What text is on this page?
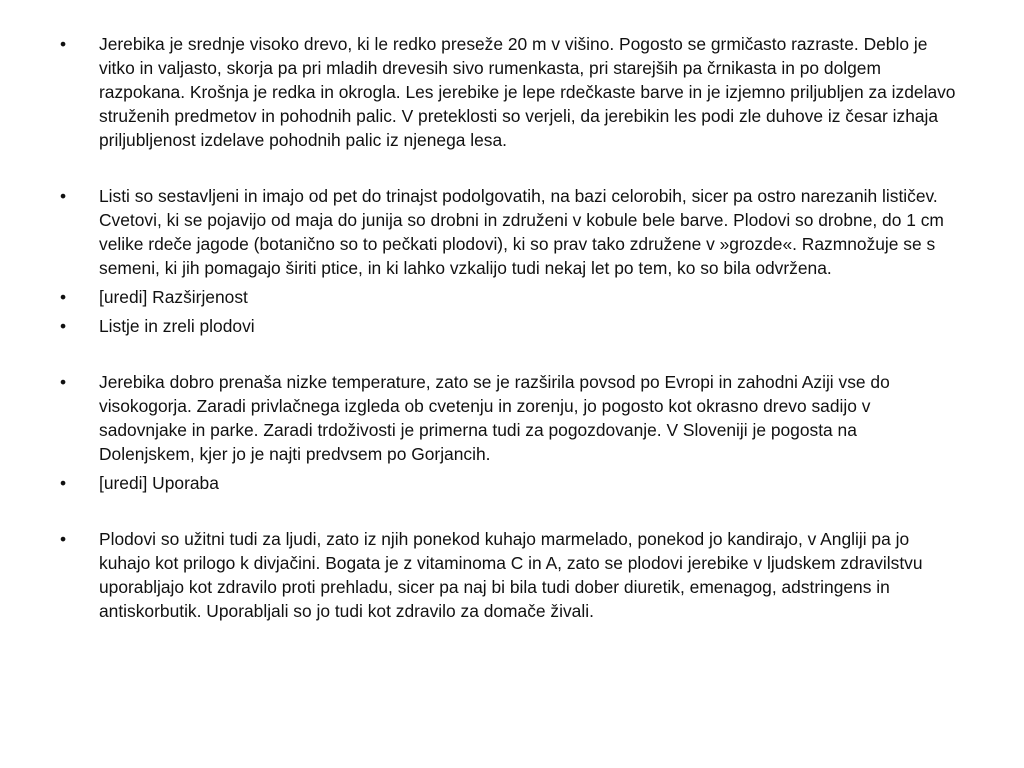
•	Jerebika je srednje visoko drevo, ki le redko preseže 20 m v višino. Pogosto se grmičasto razraste. Deblo je vitko in valjasto, skorja pa pri mladih drevesih sivo rumenkasta, pri starejših pa črnikasta in po dolgem razpokana. Krošnja je redka in okrogla. Les jerebike je lepe rdečkaste barve in je izjemno priljubljen za izdelavo struženih predmetov in pohodnih palic. V preteklosti so verjeli, da jerebikin les podi zle duhove iz česar izhaja priljubljenost izdelave pohodnih palic iz njenega lesa.
•	Listi so sestavljeni in imajo od pet do trinajst podolgovatih, na bazi celorobih, sicer pa ostro narezanih lističev. Cvetovi, ki se pojavijo od maja do junija so drobni in združeni v kobule bele barve. Plodovi so drobne, do 1 cm velike rdeče jagode (botanično so to pečkati plodovi), ki so prav tako združene v »grozde«. Razmnožuje se s semeni, ki jih pomagajo širiti ptice, in ki lahko vzkalijo tudi nekaj let po tem, ko so bila odvržena.
•	[uredi] Razširjenost
•	Listje in zreli plodovi
•	Jerebika dobro prenaša nizke temperature, zato se je razširila povsod po Evropi in zahodni Aziji vse do visokogorja. Zaradi privlačnega izgleda ob cvetenju in zorenju, jo pogosto kot okrasno drevo sadijo v sadovnjake in parke. Zaradi trdoživosti je primerna tudi za pogozdovanje. V Sloveniji je pogosta na Dolenjskem, kjer jo je najti predvsem po Gorjancih.
•	[uredi] Uporaba
•	Plodovi so užitni tudi za ljudi, zato iz njih ponekod kuhajo marmelado, ponekod jo kandirajo, v Angliji pa jo kuhajo kot prilogo k divjačini. Bogata je z vitaminoma C in A, zato se plodovi jerebike v ljudskem zdravilstvu uporabljajo kot zdravilo proti prehladu, sicer pa naj bi bila tudi dober diuretik, emenagog, adstringens in antiskorbutik. Uporabljali so jo tudi kot zdravilo za domače živali.
